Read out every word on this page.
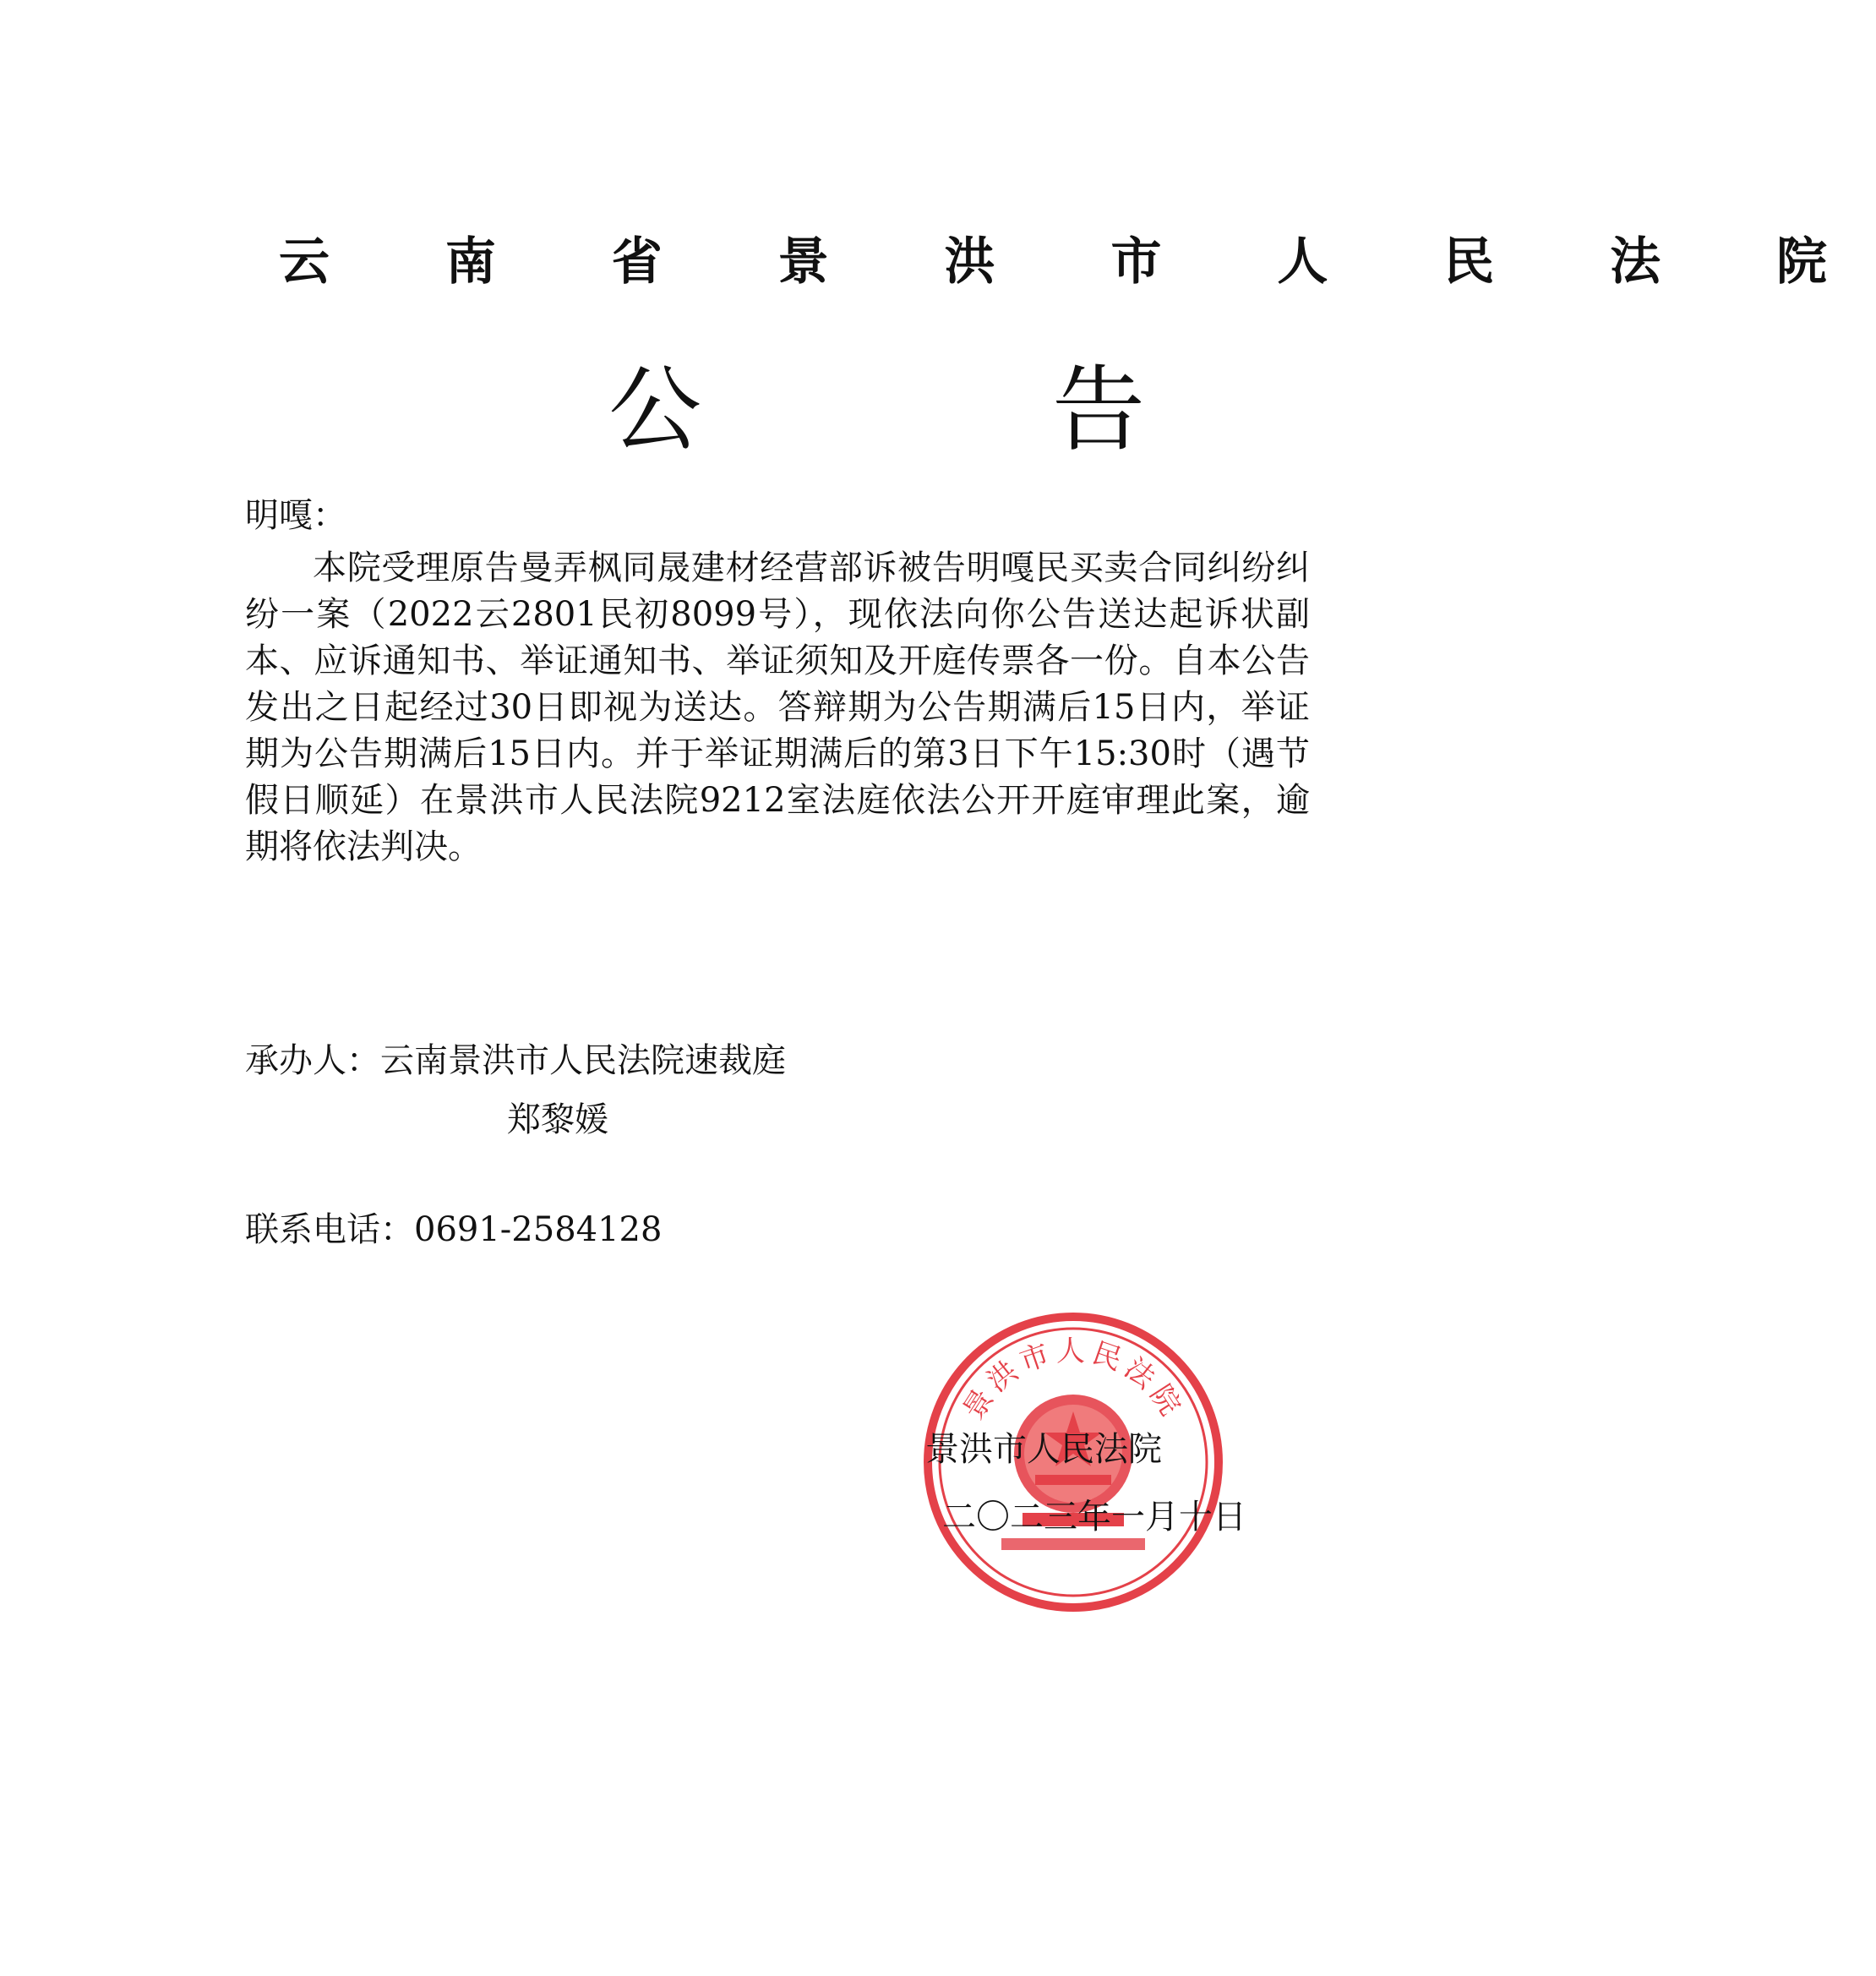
云 南 省 景 洪 市 人 民 法 院
公 告
明嘎：
本院受理原告曼弄枫同晟建材经营部诉被告明嘎民买卖合同纠纷纠纷一案（2022云2801民初8099号），现依法向你公告送达起诉状副本、应诉通知书、举证通知书、举证须知及开庭传票各一份。自本公告发出之日起经过30日即视为送达。答辩期为公告期满后15日内，举证期为公告期满后15日内。并于举证期满后的第3日下午15:30时（遇节假日顺延）在景洪市人民法院9212室法庭依法公开开庭审理此案，逾期将依法判决。
承办人：云南景洪市人民法院速裁庭
郑黎媛
联系电话：0691-2584128
景洪市人民法院
景洪市人民法院
二〇二三年一月十日
